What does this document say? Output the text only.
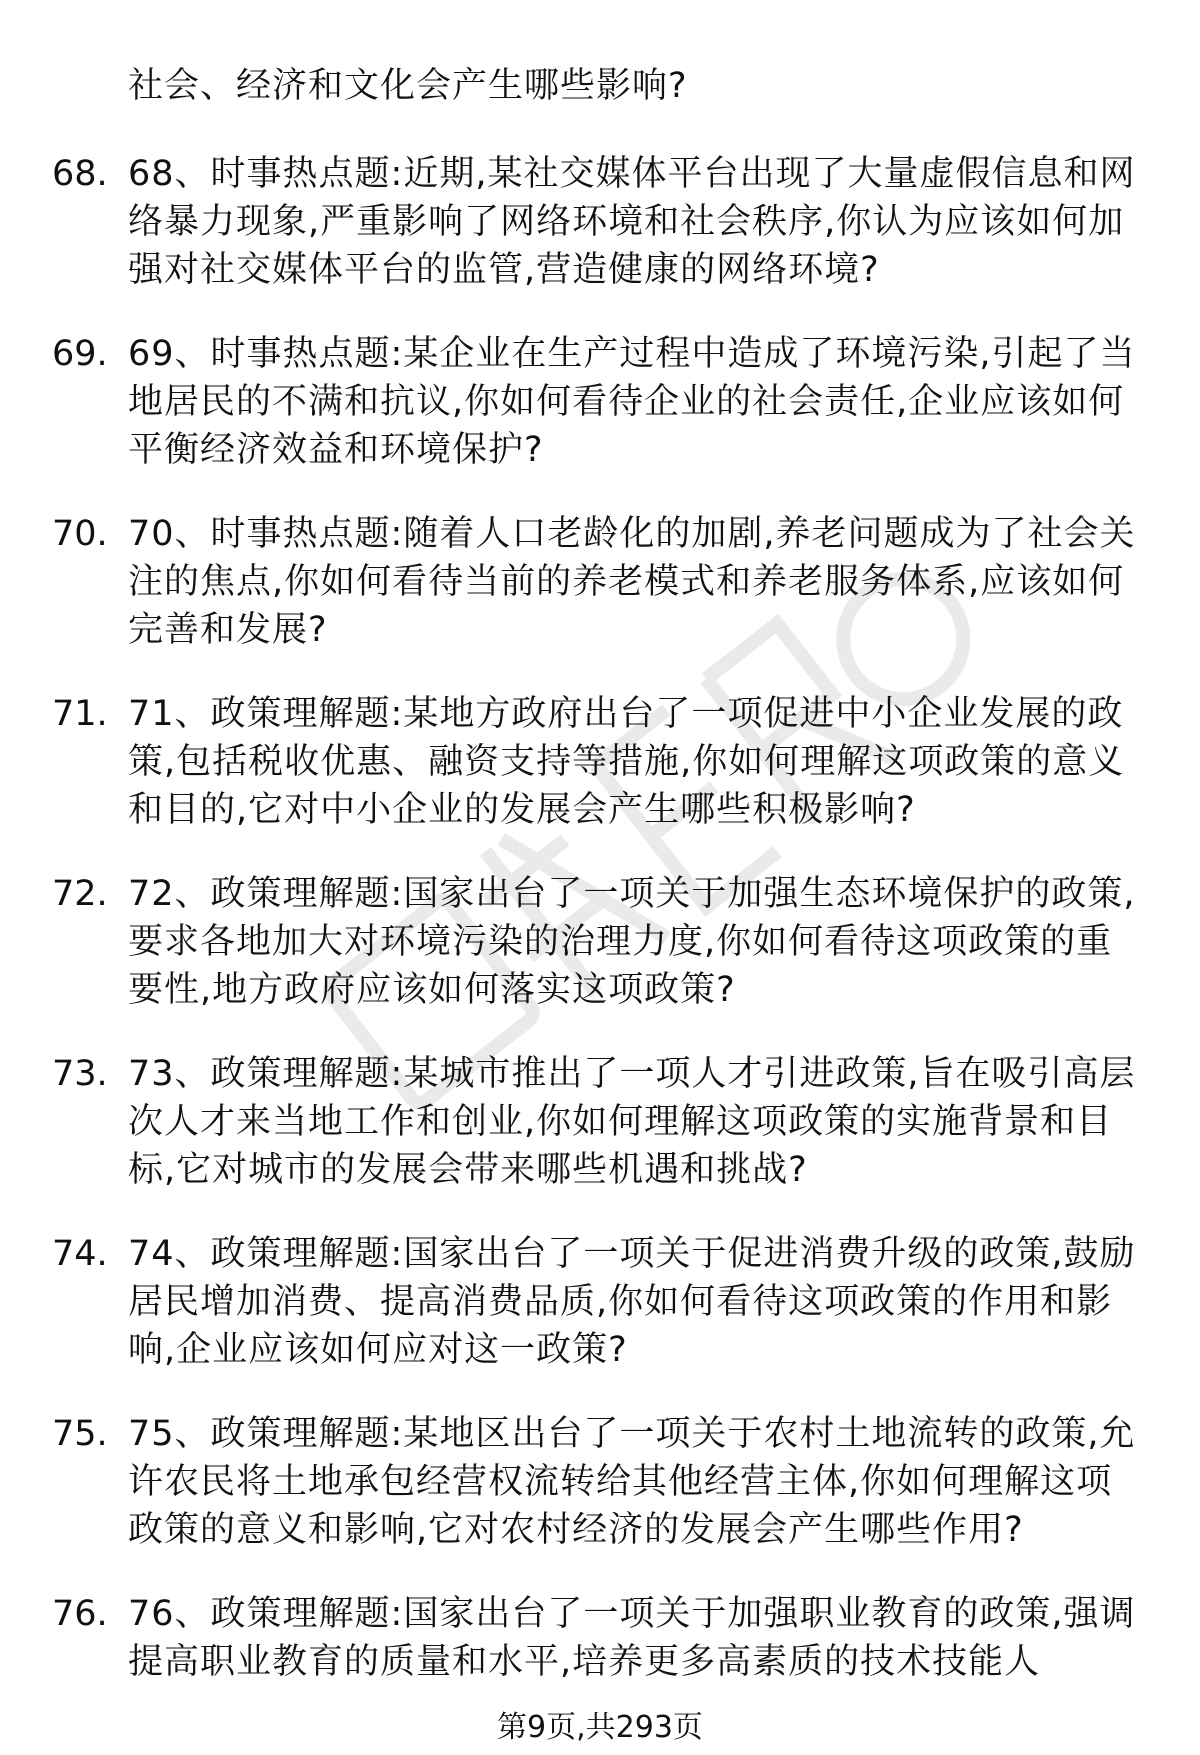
社会、经济和文化会产生哪些影响?
68. 68、时事热点题:近期,某社交媒体平台出现了大量虚假信息和网络暴力现象,严重影响了网络环境和社会秩序,你认为应该如何加强对社交媒体平台的监管,营造健康的网络环境?
69. 69、时事热点题:某企业在生产过程中造成了环境污染,引起了当地居民的不满和抗议,你如何看待企业的社会责任,企业应该如何平衡经济效益和环境保护?
70. 70、时事热点题:随着人口老龄化的加剧,养老问题成为了社会关注的焦点,你如何看待当前的养老模式和养老服务体系,应该如何完善和发展?
71. 71、政策理解题:某地方政府出台了一项促进中小企业发展的政策,包括税收优惠、融资支持等措施,你如何理解这项政策的意义和目的,它对中小企业的发展会产生哪些积极影响?
72. 72、政策理解题:国家出台了一项关于加强生态环境保护的政策,要求各地加大对环境污染的治理力度,你如何看待这项政策的重要性,地方政府应该如何落实这项政策?
73. 73、政策理解题:某城市推出了一项人才引进政策,旨在吸引高层次人才来当地工作和创业,你如何理解这项政策的实施背景和目标,它对城市的发展会带来哪些机遇和挑战?
74. 74、政策理解题:国家出台了一项关于促进消费升级的政策,鼓励居民增加消费、提高消费品质,你如何看待这项政策的作用和影响,企业应该如何应对这一政策?
75. 75、政策理解题:某地区出台了一项关于农村土地流转的政策,允许农民将土地承包经营权流转给其他经营主体,你如何理解这项政策的意义和影响,它对农村经济的发展会产生哪些作用?
76. 76、政策理解题:国家出台了一项关于加强职业教育的政策,强调提高职业教育的质量和水平,培养更多高素质的技术技能人
第9页,共293页
